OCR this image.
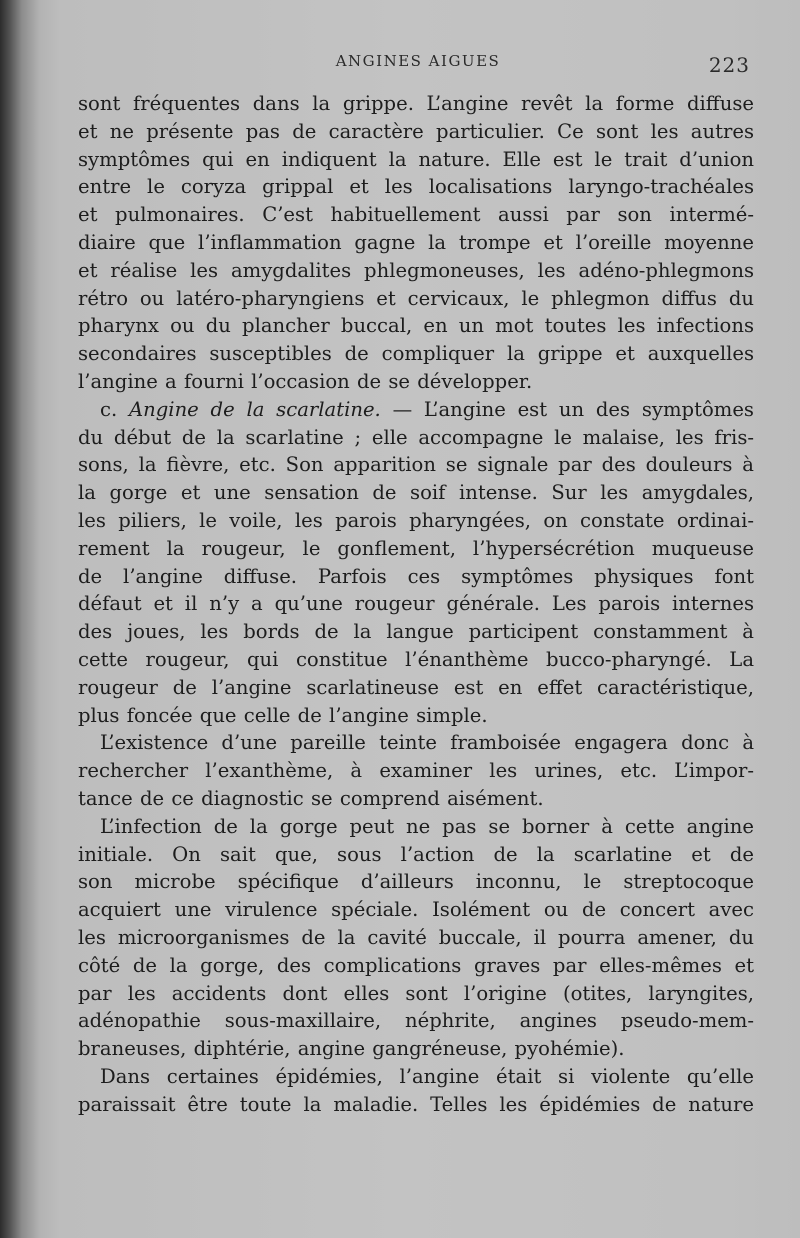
ANGINES AIGUES	223
sont fréquentes dans la grippe. L’angine revêt la forme diffuse
et ne présente pas de caractère particulier. Ce sont les autres
symptômes qui en indiquent la nature. Elle est le trait d’union
entre le coryza grippal et les localisations laryngo-trachéales
et pulmonaires. C’est habituellement aussi par son intermé-
diaire que l’inflammation gagne la trompe et l’oreille moyenne
et réalise les amygdalites phlegmoneuses, les adéno-phlegmons
rétro ou latéro-pharyngiens et cervicaux, le phlegmon diffus du
pharynx ou du plancher buccal, en un mot toutes les infections
secondaires susceptibles de compliquer la grippe et auxquelles
l’angine a fourni l’occasion de se développer.
c. Angine de la scarlatine. — L’angine est un des symptômes
du début de la scarlatine ; elle accompagne le malaise, les fris-
sons, la fièvre, etc. Son apparition se signale par des douleurs à
la gorge et une sensation de soif intense. Sur les amygdales,
les piliers, le voile, les parois pharyngées, on constate ordinai-
rement la rougeur, le gonflement, l’hypersécrétion muqueuse
de l’angine diffuse. Parfois ces symptômes physiques font
défaut et il n’y a qu’une rougeur générale. Les parois internes
des joues, les bords de la langue participent constamment à
cette rougeur, qui constitue l’énanthème bucco-pharyngé. La
rougeur de l’angine scarlatineuse est en effet caractéristique,
plus foncée que celle de l’angine simple.
L’existence d’une pareille teinte framboisée engagera donc à
rechercher l’exanthème, à examiner les urines, etc. L’impor-
tance de ce diagnostic se comprend aisément.
L’infection de la gorge peut ne pas se borner à cette angine
initiale. On sait que, sous l’action de la scarlatine et de
son microbe spécifique d’ailleurs inconnu, le streptocoque
acquiert une virulence spéciale. Isolément ou de concert avec
les microorganismes de la cavité buccale, il pourra amener, du
côté de la gorge, des complications graves par elles-mêmes et
par les accidents dont elles sont l’origine (otites, laryngites,
adénopathie sous-maxillaire, néphrite, angines pseudo-mem-
braneuses, diphtérie, angine gangréneuse, pyohémie).
Dans certaines épidémies, l’angine était si violente qu’elle
paraissait être toute la maladie. Telles les épidémies de nature
